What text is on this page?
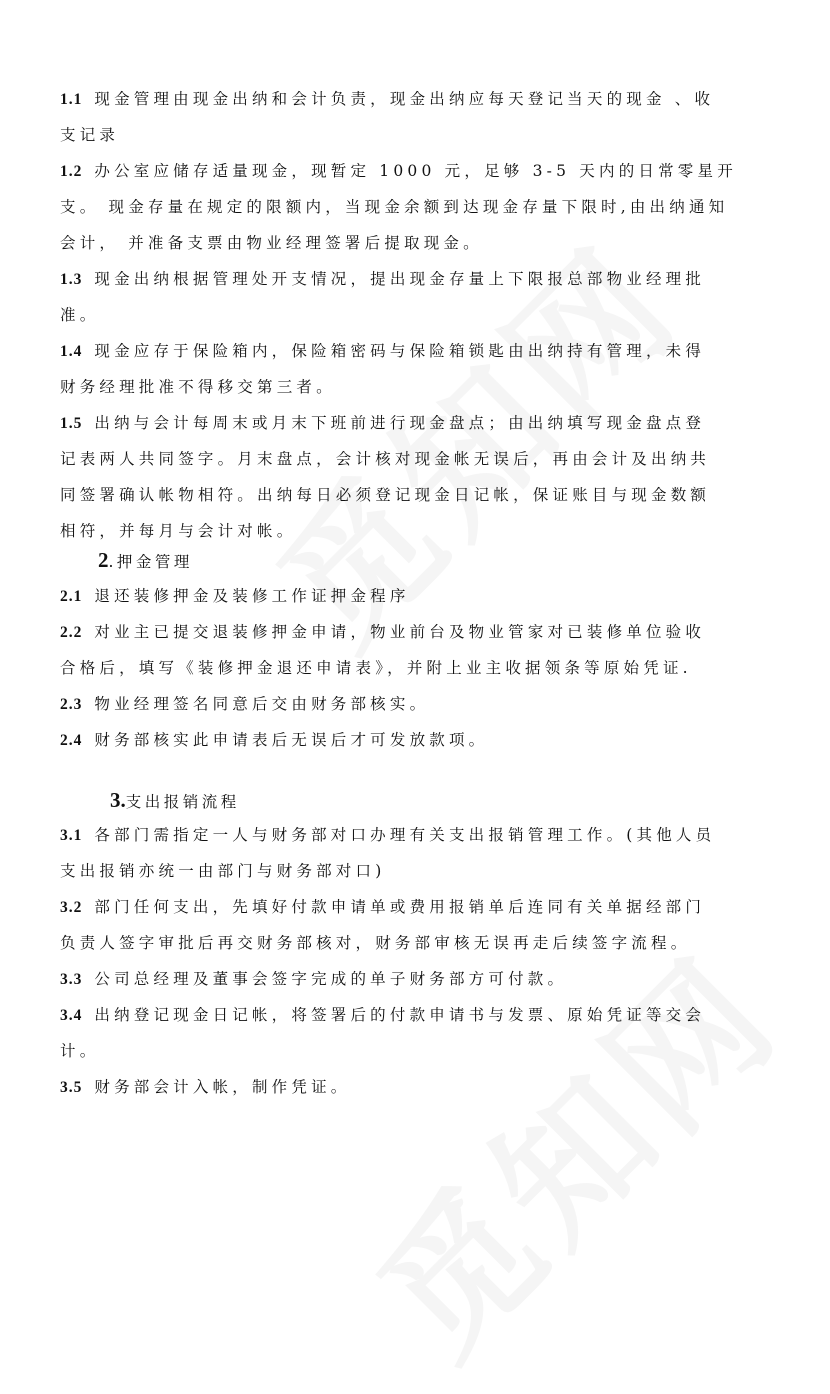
1.1 现金管理由现金出纳和会计负责，现金出纳应每天登记当天的现金 、收
支记录
1.2 办公室应储存适量现金，现暂定 1000 元，足够 3-5 天内的日常零星开
支。 现金存量在规定的限额内，当现金余额到达现金存量下限时,由出纳通知
会计， 并准备支票由物业经理签署后提取现金。
1.3 现金出纳根据管理处开支情况，提出现金存量上下限报总部物业经理批
准。
1.4 现金应存于保险箱内，保险箱密码与保险箱锁匙由出纳持有管理，未得
财务经理批准不得移交第三者。
1.5 出纳与会计每周末或月末下班前进行现金盘点；由出纳填写现金盘点登
记表两人共同签字。月末盘点，会计核对现金帐无误后，再由会计及出纳共
同签署确认帐物相符。出纳每日必须登记现金日记帐，保证账目与现金数额
相符，并每月与会计对帐。
2.押金管理
2.1 退还装修押金及装修工作证押金程序
2.2 对业主已提交退装修押金申请，物业前台及物业管家对已装修单位验收
合格后，填写《装修押金退还申请表》，并附上业主收据领条等原始凭证.
2.3 物业经理签名同意后交由财务部核实。
2.4 财务部核实此申请表后无误后才可发放款项。
3.支出报销流程
3.1 各部门需指定一人与财务部对口办理有关支出报销管理工作。(其他人员
支出报销亦统一由部门与财务部对口)
3.2 部门任何支出，先填好付款申请单或费用报销单后连同有关单据经部门
负责人签字审批后再交财务部核对，财务部审核无误再走后续签字流程。
3.3 公司总经理及董事会签字完成的单子财务部方可付款。
3.4 出纳登记现金日记帐，将签署后的付款申请书与发票、原始凭证等交会
计。
3.5 财务部会计入帐，制作凭证。
